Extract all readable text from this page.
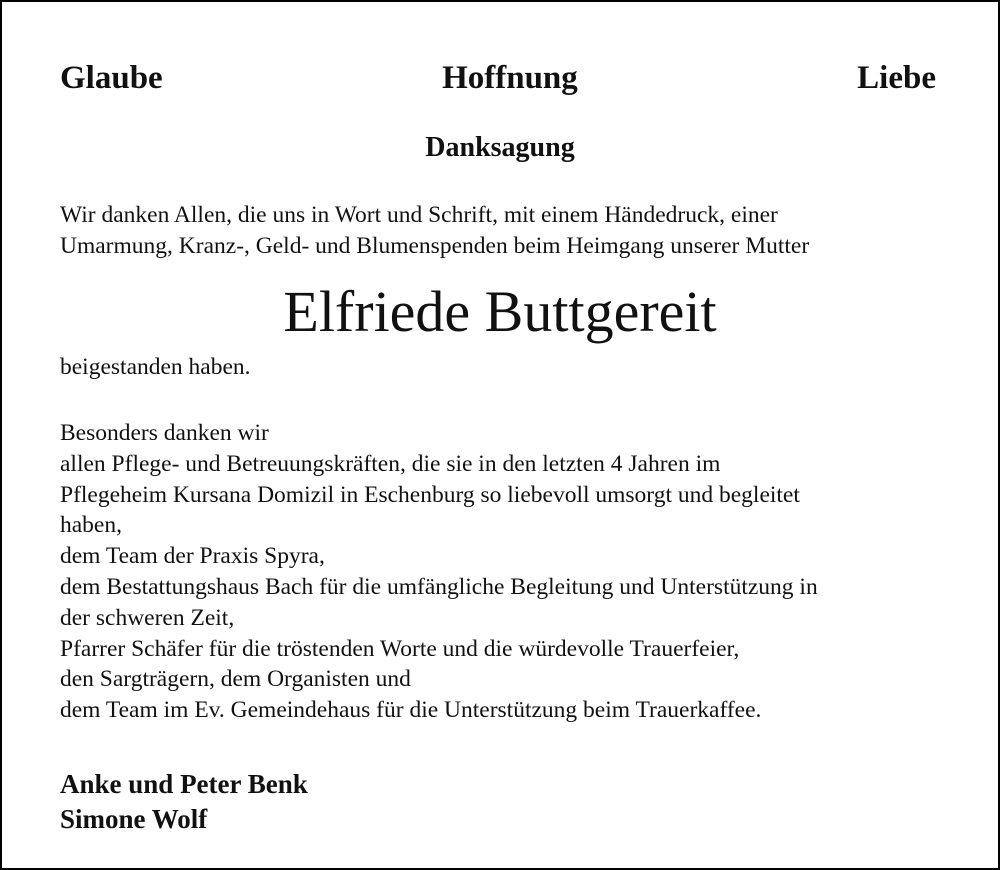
Glaube	Hoffnung	Liebe
Danksagung
Wir danken Allen, die uns in Wort und Schrift, mit einem Händedruck, einer
Umarmung, Kranz-, Geld- und Blumenspenden beim Heimgang unserer Mutter
Elfriede Buttgereit
beigestanden haben.
Besonders danken wir
allen Pflege- und Betreuungskräften, die sie in den letzten 4 Jahren im
Pflegeheim Kursana Domizil in Eschenburg so liebevoll umsorgt und begleitet
haben,
dem Team der Praxis Spyra,
dem Bestattungshaus Bach für die umfängliche Begleitung und Unterstützung in
der schweren Zeit,
Pfarrer Schäfer für die tröstenden Worte und die würdevolle Trauerfeier,
den Sargträgern, dem Organisten und
dem Team im Ev. Gemeindehaus für die Unterstützung beim Trauerkaffee.
Anke und Peter Benk
Simone Wolf
